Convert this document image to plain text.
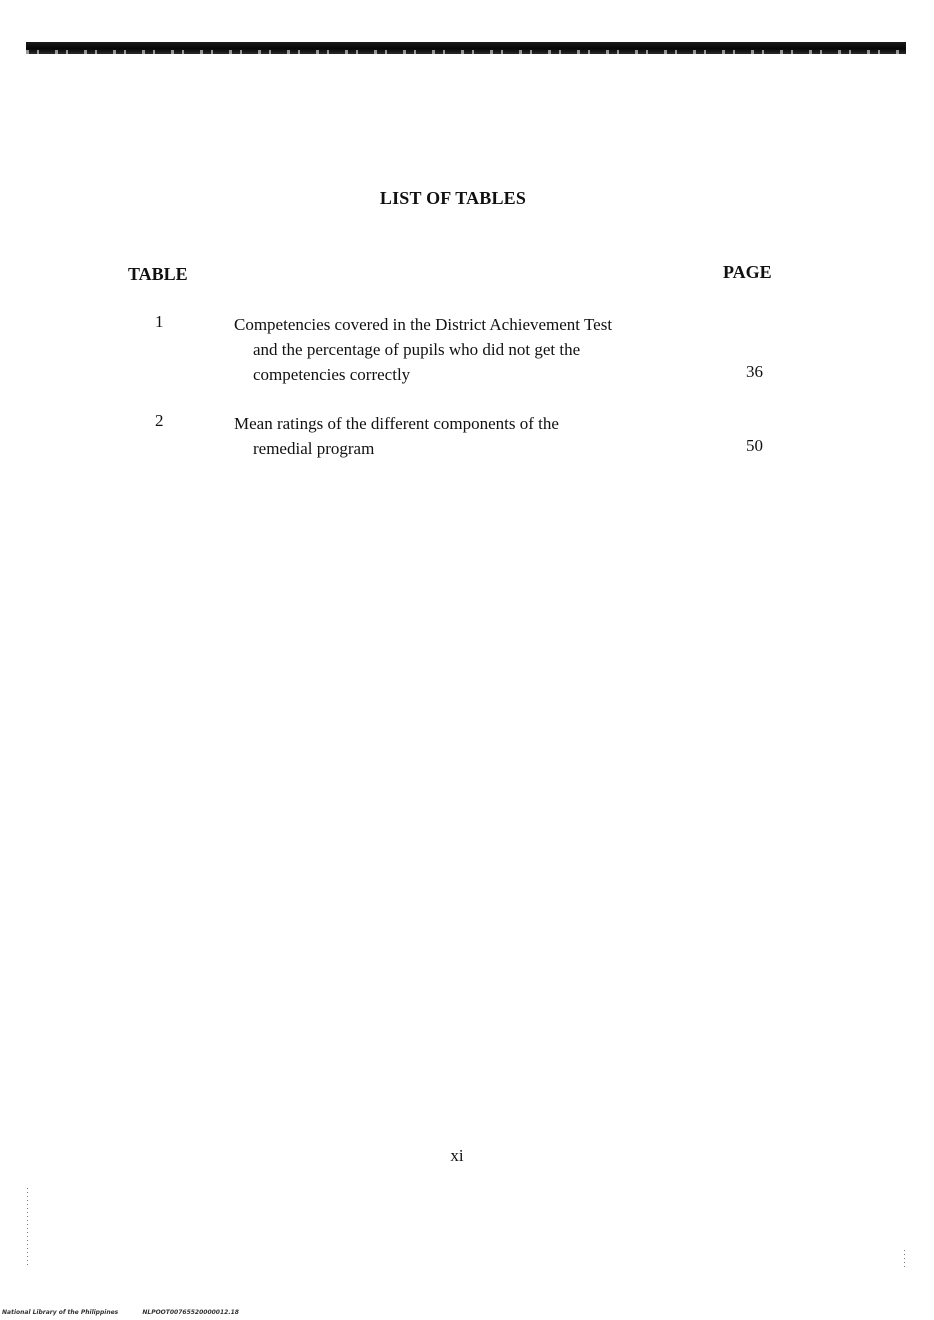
LIST OF TABLES
TABLE	PAGE
1	Competencies covered in the District Achievement Test
and the percentage of pupils who did not get the
competencies correctly	36
2	Mean ratings of the different components of the
remedial program	50
xi
National Library of the Philippines	NLPOOT00765520000012.18
